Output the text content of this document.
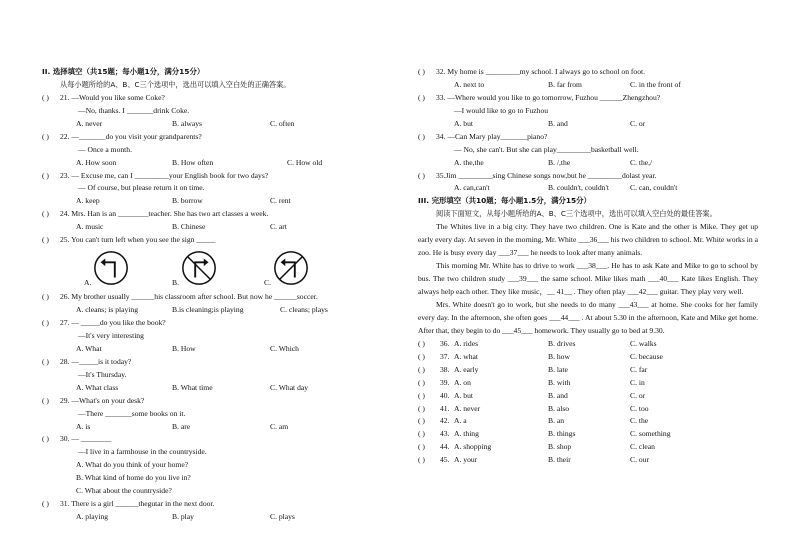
II. 选择填空（共15题；每小题1分，满分15分）
从每小题所给的A、B、C三个选项中，选出可以填入空白处的正确答案。
( ) 21. —Would you like some Coke?
—No, thanks. I _______drink Coke.
A. never	B. always	C. often
( ) 22. —_______do you visit your grandparents?
— Once a month.
A. How soon	B. How often	C. How old
( ) 23. — Excuse me, can I _________your English book for two days?
— Of course, but please return it on time.
A. keep	B. borrow	C. rent
( ) 24. Mrs. Han is an ________teacher. She has two art classes a week.
A. music	B. Chinese	C. art
( ) 25. You can't turn left when you see the sign _____
A.	B.	C.
( ) 26. My brother usually ______his classroom after school. But now he ______soccer.
A. cleans; is playing	B.is cleaning;is playing	C. cleans; plays
( ) 27. — _____do you like the book?
—It's very interesting
A. What	B. How	C. Which
( ) 28. —_____is it today?
—It's Thursday.
A. What class	B. What time	C. What day
( ) 29. —What's on your desk?
—There _______some books on it.
A. is	B. are	C. am
( ) 30. — ________
—I live in a farmhouse in the countryside.
A. What do you think of your home?
B. What kind of home do you live in?
C. What about the countryside?
( ) 31. There is a girl ______thegutar in the next door.
A. playing	B. play	C. plays
( ) 32. My home is _________my school. I always go to school on foot.
A. next to	B. far from	C. in the front of
( ) 33. —Where would you like to go tomorrow, Fuzhou ______Zhengzhou?
—I would like to go to Fuzhou
A. but	B. and	C. or
( ) 34. —Can Mary play_______piano?
— No, she can't. But she can play_________basketball well.
A. the,the	B. /,the	C. the,/
( ) 35.Jim _________sing Chinese songs now,but he _________dolast year.
A. can,can't	B. couldn't, couldn't	C. can, couldn't
III. 完形填空（共10题；每小题1.5分，满分15分）
阅读下面短文，从每小题所给的A、B、C三个选项中，选出可以填入空白处的最佳答案。
The Whites live in a big city. They have two children. One is Kate and the other is Mike. They get up early every day. At seven in the morning, Mr. White ___36___ his two children to school. Mr. White works in a zoo. He is busy every day ___37___ he needs to look after many animals.
This morning Mr. White has to drive to work ___38___. He has to ask Kate and Mike to go to school by bus. The two children study ___39___ the same school. Mike likes math ___40___ Kate likes English. They always help each other. They like music，__ 41__ . They often play ___42___ guitar. They play very well.
Mrs. White doesn't go to work, but she needs to do many ___43___ at home. She cooks for her family every day. In the afternoon, she often goes ___44___ . At about 5.30 in the afternoon, Kate and Mike get home. After that, they begin to do ___45___ homework. They usually go to bed at 9.30.
( ) 36. A. rides	B. drives	C. walks
( ) 37. A. what	B. how	C. because
( ) 38. A. early	B. late	C. far
( ) 39. A. on	B. with	C. in
( ) 40. A. but	B. and	C. or
( ) 41. A. never	B. also	C. too
( ) 42. A. a	B. an	C. the
( ) 43. A. thing	B. things	C. something
( ) 44. A. shopping	B. shop	C. clean
( ) 45. A. your	B. their	C. our
